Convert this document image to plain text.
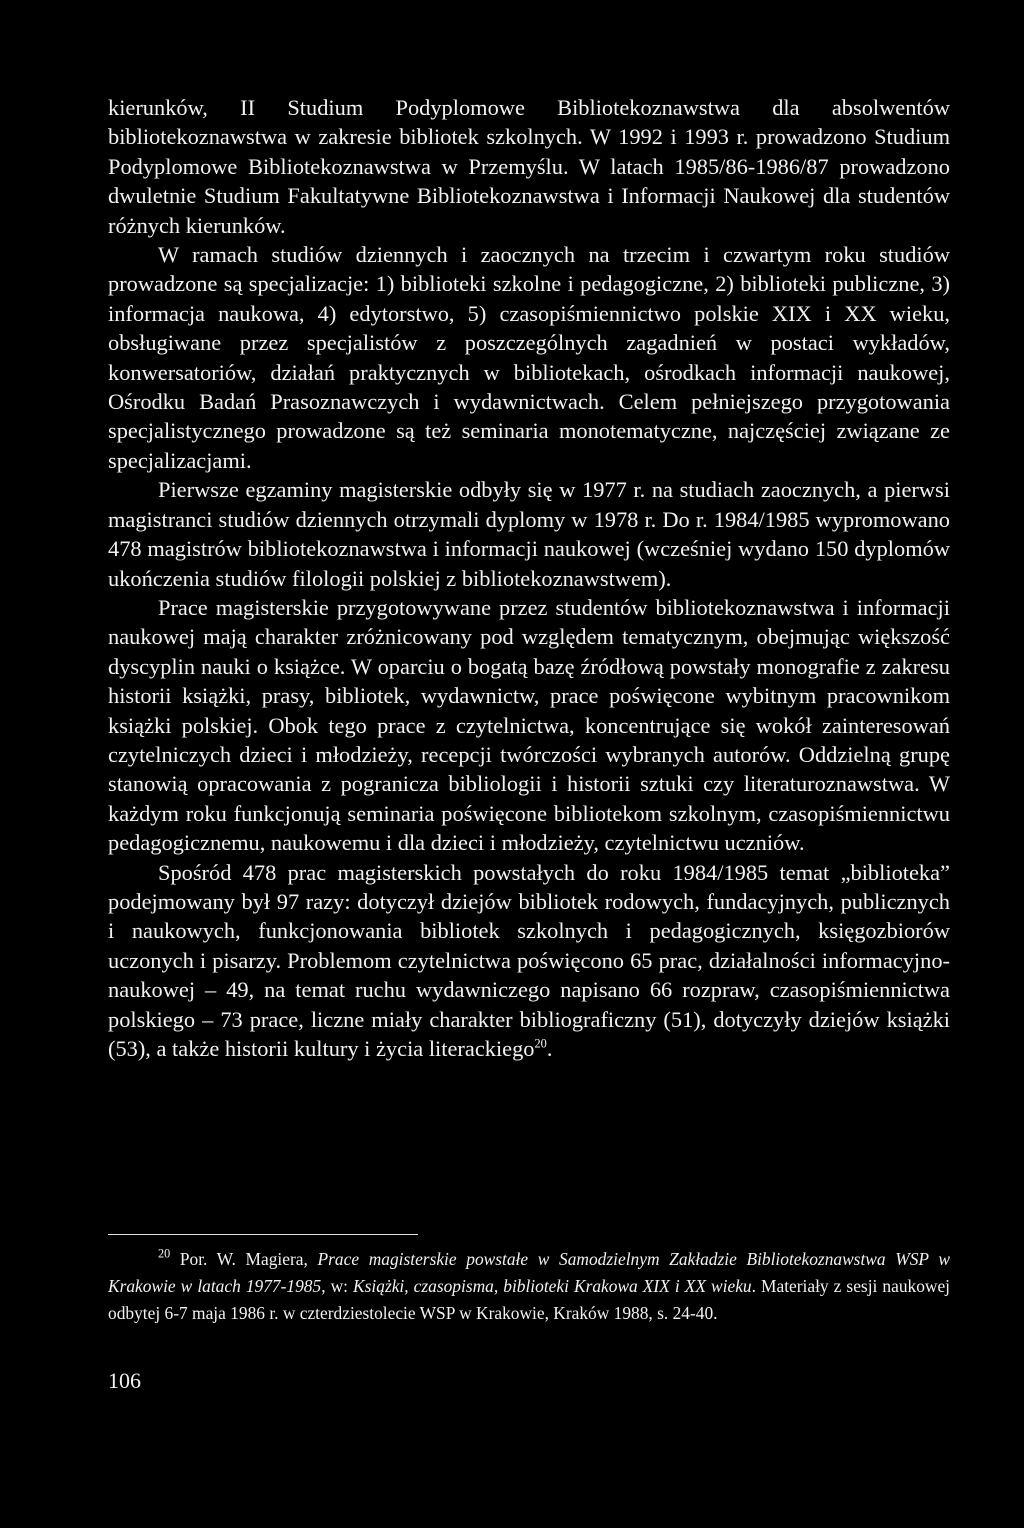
kierunków, II Studium Podyplomowe Bibliotekoznawstwa dla absolwentów bibliotekoznawstwa w zakresie bibliotek szkolnych. W 1992 i 1993 r. prowadzono Studium Podyplomowe Bibliotekoznawstwa w Przemyślu. W latach 1985/86-1986/87 prowadzono dwuletnie Studium Fakultatywne Bibliotekoznawstwa i Informacji Naukowej dla studentów różnych kierunków.

W ramach studiów dziennych i zaocznych na trzecim i czwartym roku studiów prowadzone są specjalizacje: 1) biblioteki szkolne i pedagogiczne, 2) biblioteki publiczne, 3) informacja naukowa, 4) edytorstwo, 5) czasopiśmiennictwo polskie XIX i XX wieku, obsługiwane przez specjalistów z poszczególnych zagadnień w postaci wykładów, konwersatoriów, działań praktycznych w bibliotekach, ośrodkach informacji naukowej, Ośrodku Badań Prasoznawczych i wydawnictwach. Celem pełniejszego przygotowania specjalistycznego prowadzone są też seminaria monotematyczne, najczęściej związane ze specjalizacjami.

Pierwsze egzaminy magisterskie odbyły się w 1977 r. na studiach zaocznych, a pierwsi magistranci studiów dziennych otrzymali dyplomy w 1978 r. Do r. 1984/1985 wypromowano 478 magistrów bibliotekoznawstwa i informacji naukowej (wcześniej wydano 150 dyplomów ukończenia studiów filologii polskiej z bibliotekoznawstwem).

Prace magisterskie przygotowywane przez studentów bibliotekoznawstwa i informacji naukowej mają charakter zróżnicowany pod względem tematycznym, obejmując większość dyscyplin nauki o książce. W oparciu o bogatą bazę źródłową powstały monografie z zakresu historii książki, prasy, bibliotek, wydawnictw, prace poświęcone wybitnym pracownikom książki polskiej. Obok tego prace z czytelnictwa, koncentrujące się wokół zainteresowań czytelniczych dzieci i młodzieży, recepcji twórczości wybranych autorów. Oddzielną grupę stanowią opracowania z pogranicza bibliologii i historii sztuki czy literaturoznawstwa. W każdym roku funkcjonują seminaria poświęcone bibliotekom szkolnym, czasopiśmiennictwu pedagogicznemu, naukowemu i dla dzieci i młodzieży, czytelnictwu uczniów.

Spośród 478 prac magisterskich powstałych do roku 1984/1985 temat „biblioteka” podejmowany był 97 razy: dotyczył dziejów bibliotek rodowych, fundacyjnych, publicznych i naukowych, funkcjonowania bibliotek szkolnych i pedagogicznych, księgozbiorów uczonych i pisarzy. Problemom czytelnictwa poświęcono 65 prac, działalności informacyjno-naukowej – 49, na temat ruchu wydawniczego napisano 66 rozpraw, czasopiśmiennictwa polskiego – 73 prace, liczne miały charakter bibliograficzny (51), dotyczyły dziejów książki (53), a także historii kultury i życia literackiego$^{20}$.

$^{20}$ Por. W. Magiera, Prace magisterskie powstałe w Samodzielnym Zakładzie Bibliotekoznawstwa WSP w Krakowie w latach 1977-1985, w: Książki, czasopisma, biblioteki Krakowa XIX i XX wieku. Materiały z sesji naukowej odbytej 6-7 maja 1986 r. w czterdziestolecie WSP w Krakowie, Kraków 1988, s. 24-40.

106
